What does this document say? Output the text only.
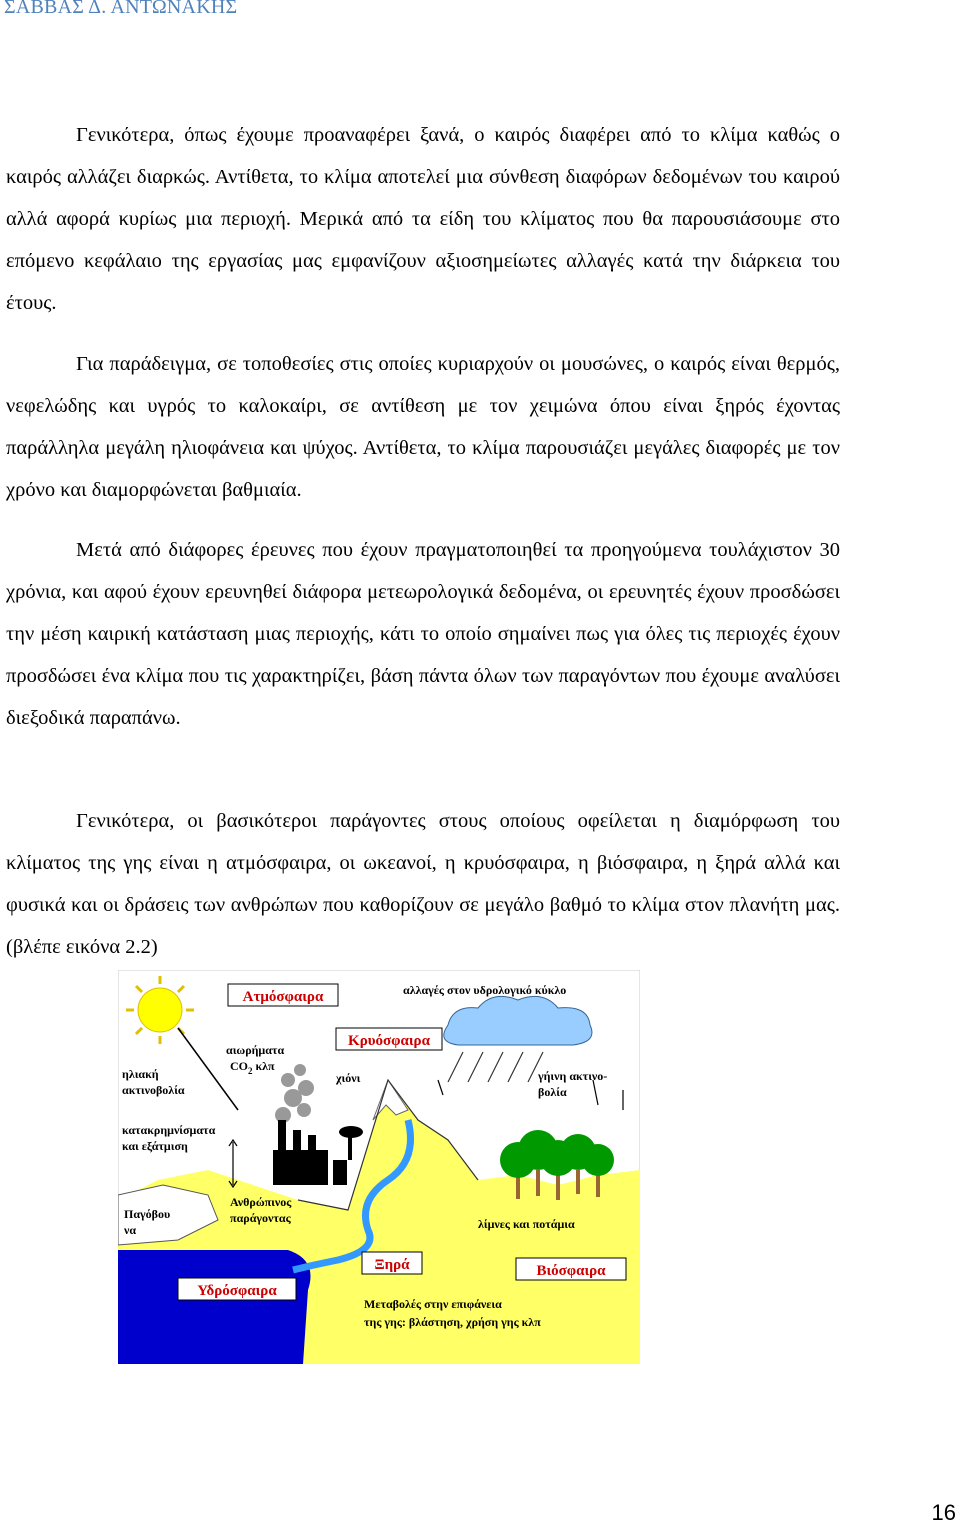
ΣΑΒΒΑΣ Δ. ΑΝΤΩΝΑΚΗΣ

Γενικότερα, όπως έχουμε προαναφέρει ξανά, ο καιρός διαφέρει από το κλίμα καθώς ο καιρός αλλάζει διαρκώς. Αντίθετα, το κλίμα αποτελεί μια σύνθεση διαφόρων δεδομένων του καιρού αλλά αφορά κυρίως μια περιοχή. Μερικά από τα είδη του κλίματος που θα παρουσιάσουμε στο επόμενο κεφάλαιο της εργασίας μας εμφανίζουν αξιοσημείωτες αλλαγές κατά την διάρκεια του έτους.

Για παράδειγμα, σε τοποθεσίες στις οποίες κυριαρχούν οι μουσώνες, ο καιρός είναι θερμός, νεφελώδης και υγρός το καλοκαίρι, σε αντίθεση με τον χειμώνα όπου είναι ξηρός έχοντας παράλληλα μεγάλη ηλιοφάνεια και ψύχος. Αντίθετα, το κλίμα παρουσιάζει μεγάλες διαφορές με τον χρόνο και διαμορφώνεται βαθμιαία.

Μετά από διάφορες έρευνες που έχουν πραγματοποιηθεί τα προηγούμενα τουλάχιστον 30 χρόνια, και αφού έχουν ερευνηθεί διάφορα μετεωρολογικά δεδομένα, οι ερευνητές έχουν προσδώσει την μέση καιρική κατάσταση μιας περιοχής, κάτι το οποίο σημαίνει πως για όλες τις περιοχές έχουν προσδώσει ένα κλίμα που τις χαρακτηρίζει, βάση πάντα όλων των παραγόντων που έχουμε αναλύσει διεξοδικά παραπάνω.

Γενικότερα, οι βασικότεροι παράγοντες στους οποίους οφείλεται η διαμόρφωση του κλίματος της γης είναι η ατμόσφαιρα, οι ωκεανοί, η κρυόσφαιρα, η βιόσφαιρα, η ξηρά αλλά και φυσικά και οι δράσεις των ανθρώπων που καθορίζουν σε μεγάλο βαθμό το κλίμα στον πλανήτη μας. (βλέπε εικόνα 2.2)

Ατμόσφαιρα	αλλαγές στον υδρολογικό κύκλο
Κρυόσφαιρα
αιωρήματα
$CO_2$ κλπ
χιόνι
ηλιακή
ακτινοβολία
γήινη ακτινο-
βολία
κατακρημνίσματα
και εξάτμιση
Ανθρώπινος
παράγοντας
Παγόβου
να	λίμνες και ποτάμια
Ξηρά	Βιόσφαιρα
Υδρόσφαιρα
Μεταβολές στην επιφάνεια
της γης: βλάστηση, χρήση γης κλπ
16
